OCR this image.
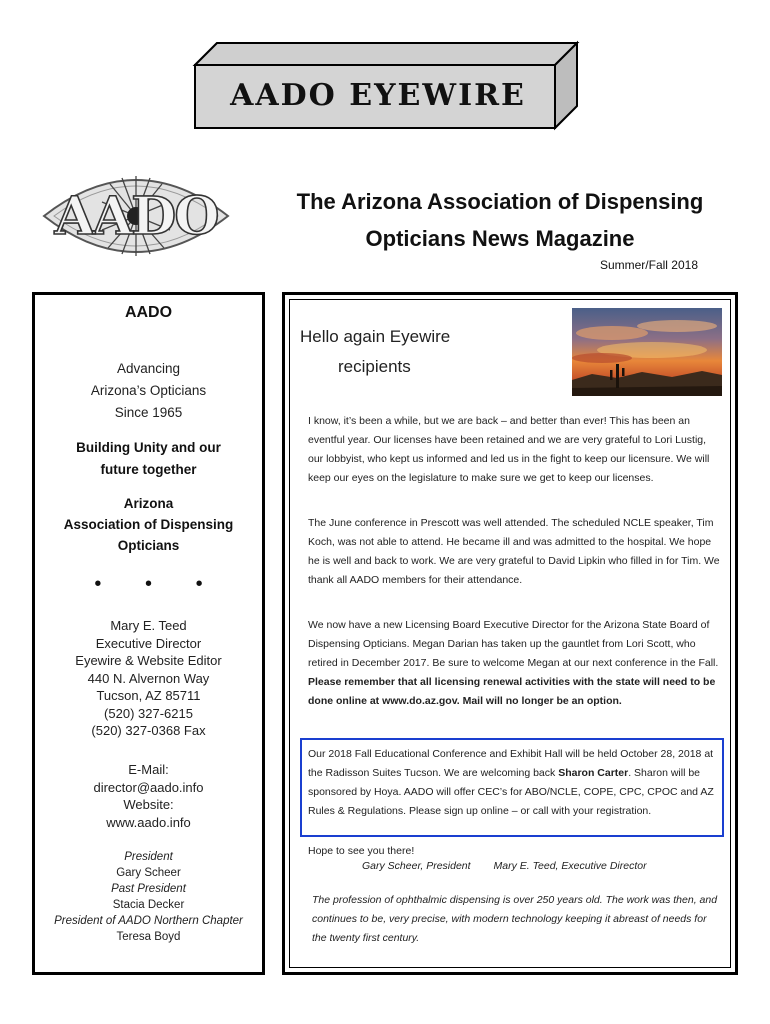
AADO EYEWIRE
AADO	The Arizona Association of Dispensing
Opticians News Magazine
Summer/Fall 2018
AADO
Advancing
Arizona’s Opticians
Since 1965
Building Unity and our
future together
Arizona
Association of Dispensing
Opticians
• • •
Mary E. Teed
Executive Director
Eyewire & Website Editor
440 N. Alvernon Way
Tucson, AZ 85711
(520) 327-6215
(520) 327-0368 Fax
E-Mail:
director@aado.info
Website:
www.aado.info
President
Gary Scheer
Past President
Stacia Decker
President of AADO Northern Chapter
Teresa Boyd
Hello again Eyewire
recipients
I know, it’s been a while, but we are back – and better than ever! This has been an eventful year. Our licenses have been retained and we are very grateful to Lori Lustig, our lobbyist, who kept us informed and led us in the fight to keep our licensure. We will keep our eyes on the legislature to make sure we get to keep our licenses.
The June conference in Prescott was well attended. The scheduled NCLE speaker, Tim Koch, was not able to attend. He became ill and was admitted to the hospital. We hope he is well and back to work. We are very grateful to David Lipkin who filled in for Tim. We thank all AADO members for their attendance.
We now have a new Licensing Board Executive Director for the Arizona State Board of Dispensing Opticians. Megan Darian has taken up the gauntlet from Lori Scott, who retired in December 2017. Be sure to welcome Megan at our next conference in the Fall. Please remember that all licensing renewal activities with the state will need to be done online at www.do.az.gov. Mail will no longer be an option.
Our 2018 Fall Educational Conference and Exhibit Hall will be held October 28, 2018 at the Radisson Suites Tucson. We are welcoming back Sharon Carter. Sharon will be sponsored by Hoya. AADO will offer CEC’s for ABO/NCLE, COPE, CPC, CPOC and AZ Rules & Regulations. Please sign up online – or call with your registration.
Hope to see you there!
Gary Scheer, President Mary E. Teed, Executive Director
The profession of ophthalmic dispensing is over 250 years old. The work was then, and continues to be, very precise, with modern technology keeping it abreast of needs for the twenty first century.
